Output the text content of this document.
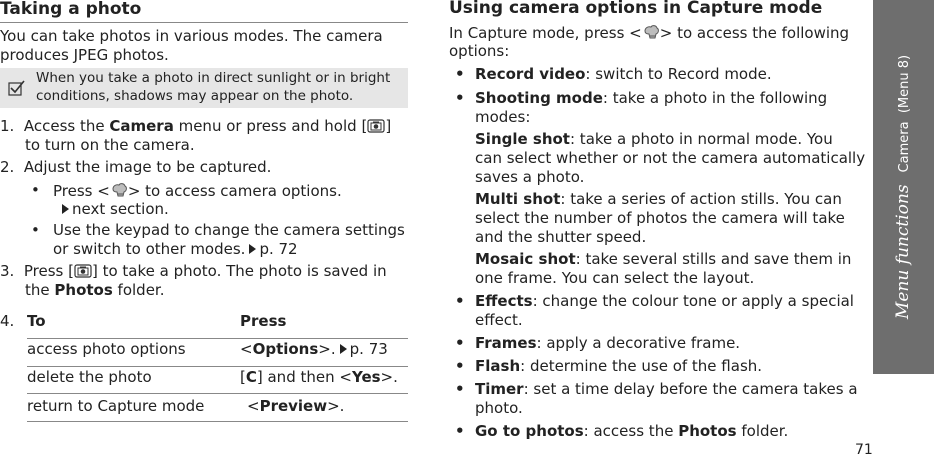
Taking a photo
You can take photos in various modes. The camera produces JPEG photos.
When you take a photo in direct sunlight or in bright conditions, shadows may appear on the photo.
1. Access the Camera menu or press and hold [ ]
to turn on the camera.
2.  Adjust the image to be captured.
• Press < > to access camera options.
next section.
• Use the keypad to change the camera settings
or switch to other modes. p. 72
3.  Press [ ] to take a photo. The photo is saved in
the Photos folder.
4. To	Press
access photo options	<Options>. p. 73
delete the photo	[C] and then <Yes>.
return to Capture mode	<Preview>.
Using camera options in Capture mode
In Capture mode, press < > to access the following
options:
• Record video: switch to Record mode.
• Shooting mode: take a photo in the following
modes:
Single shot: take a photo in normal mode. You
can select whether or not the camera automatically
saves a photo.
Multi shot: take a series of action stills. You can
select the number of photos the camera will take
and the shutter speed.
Mosaic shot: take several stills and save them in
one frame. You can select the layout.
• Effects: change the colour tone or apply a special
effect.
• Frames: apply a decorative frame.
• Flash: determine the use of the flash.
• Timer: set a time delay before the camera takes a
photo.
• Go to photos: access the Photos folder.
Menu functions
Camera  (Menu 8)
71
